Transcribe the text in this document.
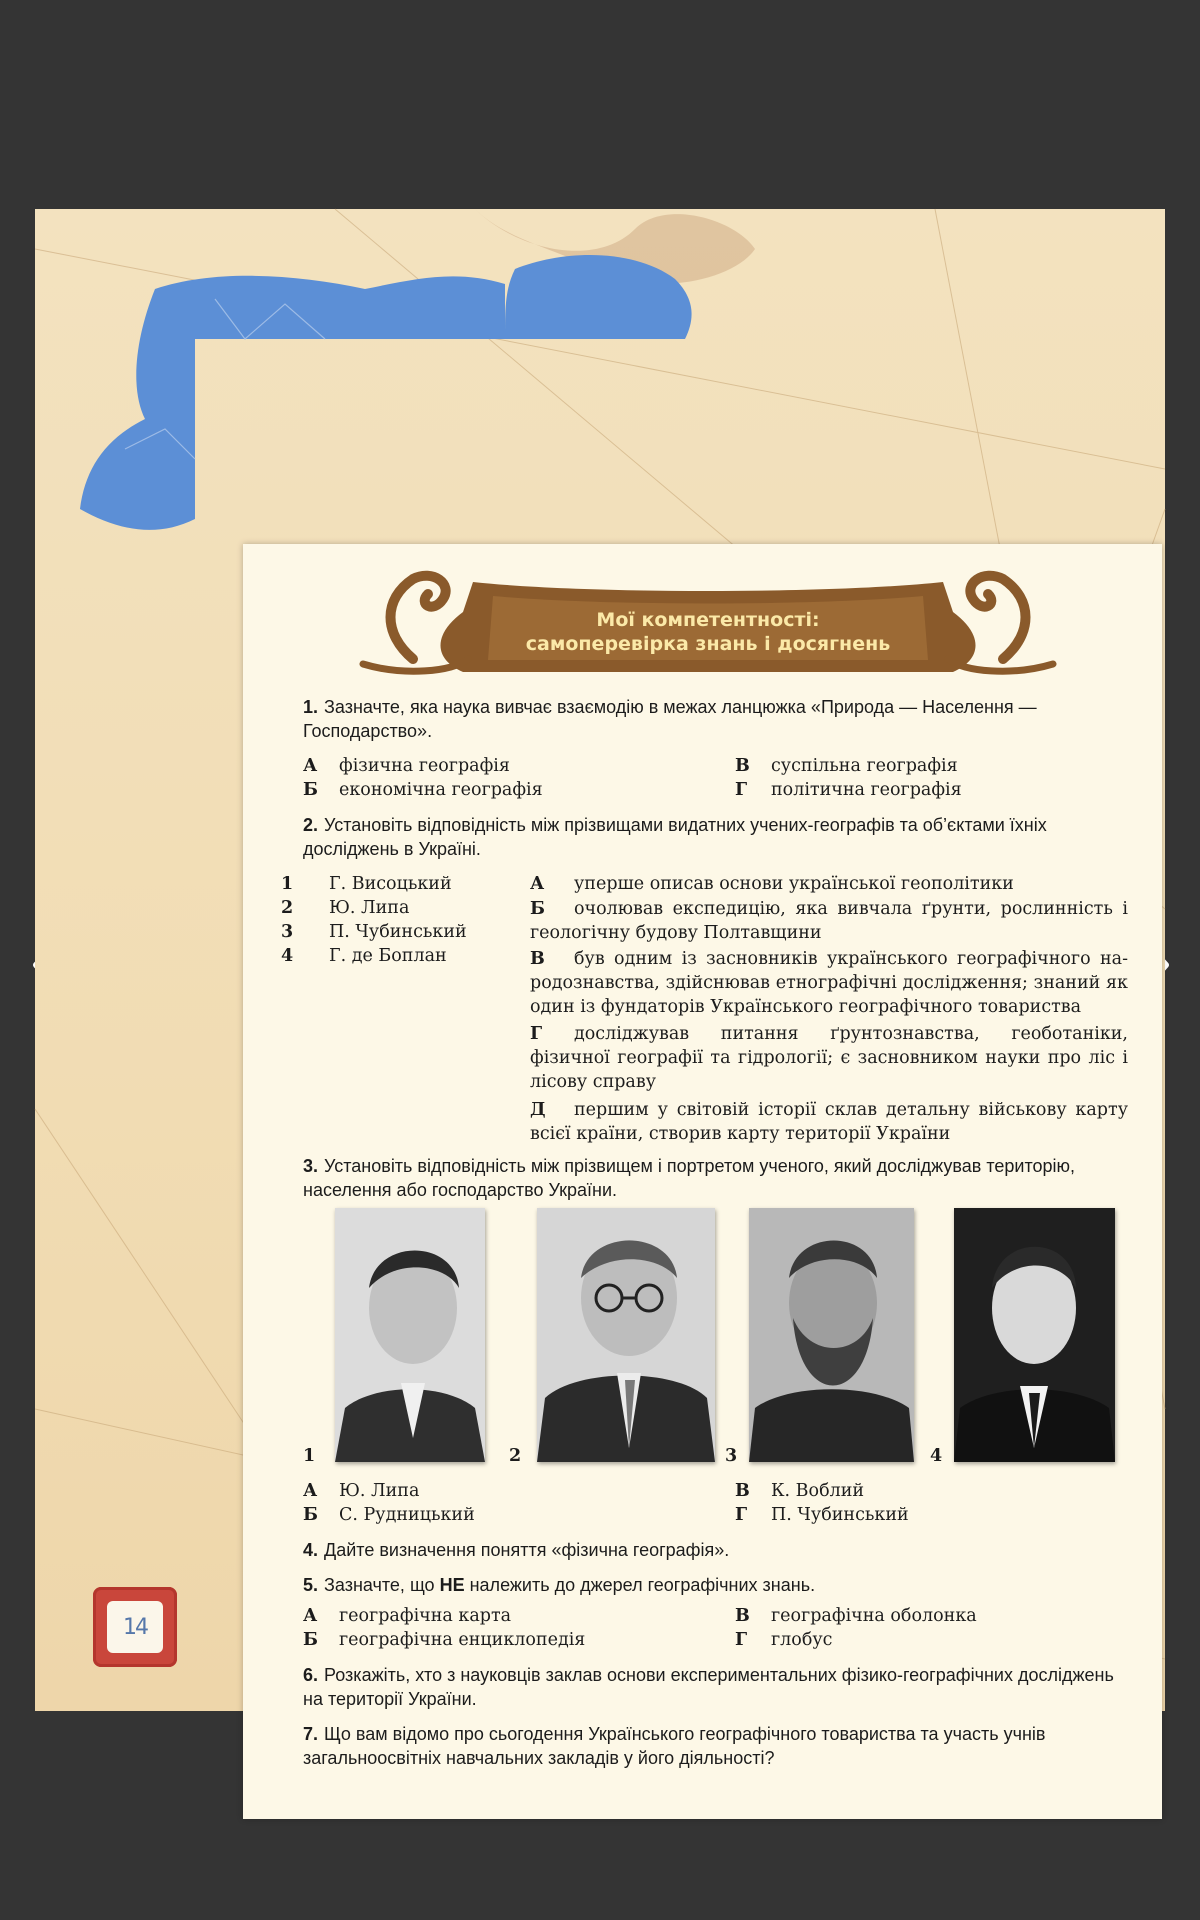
14
Мої компетентності:
самоперевірка знань і досягнень
1. Зазначте, яка наука вивчає взаємодію в межах ланцюжка «Природа — Населення — Господарство».
А фізична географія
Б економічна географія
В суспільна географія
Г політична географія
2. Установіть відповідність між прізвищами видатних учених-географів та об’єктами їхніх досліджень в Україні.
1 Г. Висоцький
2 Ю. Липа
3 П. Чубинський
4 Г. де Боплан
А уперше описав основи української геополітики
Б очолював експедицію, яка вивчала ґрунти, рослинність і геологічну будову Полтавщини
В був одним із засновників українського географічного народознавства, здійснював етнографічні дослідження; знаний як один із фундаторів Українського географічного товариства
Г досліджував питання ґрунтознавства, геоботаніки, фізичної географії та гідрології; є засновником науки про ліс і лісову справу
Д першим у світовій історії склав детальну військову карту всієї країни, створив карту території України
3. Установіть відповідність між прізвищем і портретом ученого, який досліджував територію, населення або господарство України.
1	2	3	4
А Ю. Липа
Б С. Рудницький
В К. Воблий
Г П. Чубинський
4. Дайте визначення поняття «фізична географія».
5. Зазначте, що НЕ належить до джерел географічних знань.
А географічна карта
Б географічна енциклопедія
В географічна оболонка
Г глобус
6. Розкажіть, хто з науковців заклав основи експериментальних фізико-географічних досліджень на території України.
7. Що вам відомо про сьогодення Українського географічного товариства та участь учнів загальноосвітніх навчальних закладів у його діяльності?
